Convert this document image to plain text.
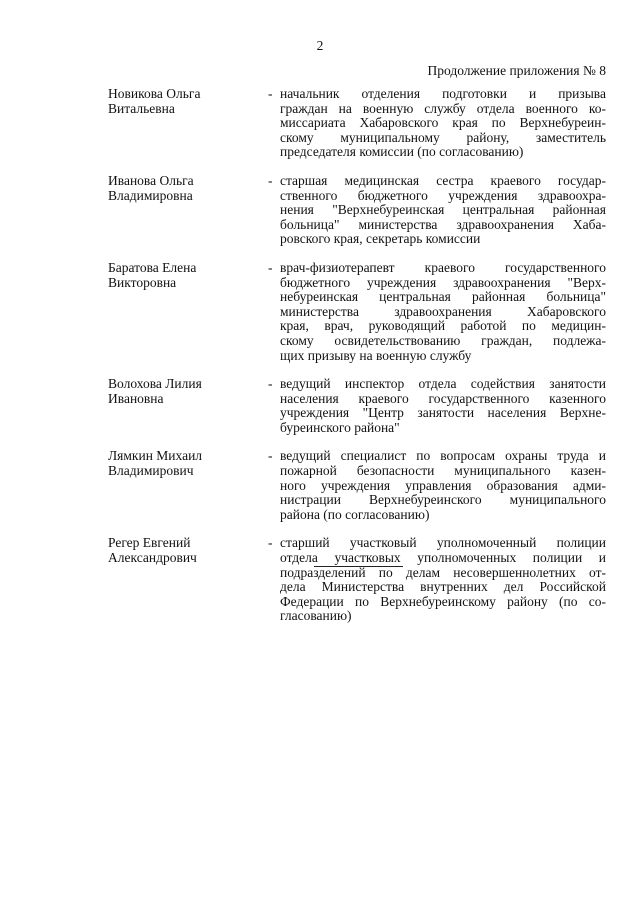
2
Продолжение приложения № 8
Новикова Ольга
Витальевна
- начальник отделения подготовки и призыва
граждан на военную службу отдела военного ко-
миссариата Хабаровского края по Верхнебуреин-
скому муниципальному району, заместитель
председателя комиссии (по согласованию)
Иванова Ольга
Владимировна
- старшая медицинская сестра краевого государ-
ственного бюджетного учреждения здравоохра-
нения "Верхнебуреинская центральная районная
больница" министерства здравоохранения Хаба-
ровского края, секретарь комиссии
Баратова Елена
Викторовна
- врач-физиотерапевт краевого государственного
бюджетного учреждения здравоохранения "Верх-
небуреинская центральная районная больница"
министерства здравоохранения Хабаровского
края, врач, руководящий работой по медицин-
скому освидетельствованию граждан, подлежа-
щих призыву на военную службу
Волохова Лилия
Ивановна
- ведущий инспектор отдела содействия занятости
населения краевого государственного казенного
учреждения "Центр занятости населения Верхне-
буреинского района"
Лямкин Михаил
Владимирович
- ведущий специалист по вопросам охраны труда и
пожарной безопасности муниципального казен-
ного учреждения управления образования адми-
нистрации Верхнебуреинского муниципального
района (по согласованию)
Регер Евгений
Александрович
- старший участковый уполномоченный полиции
отдела участковых уполномоченных полиции и
подразделений по делам несовершеннолетних от-
дела Министерства внутренних дел Российской
Федерации по Верхнебуреинскому району (по со-
гласованию)
